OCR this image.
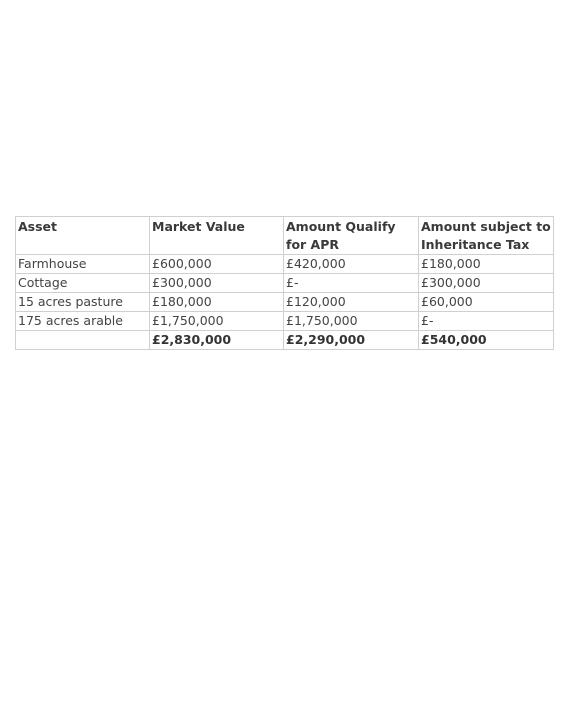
Asset	Market Value	Amount Qualify for APR	Amount subject to Inheritance Tax
Farmhouse	£600,000	£420,000	£180,000
Cottage	£300,000	£-	£300,000
15 acres pasture	£180,000	£120,000	£60,000
175 acres arable	£1,750,000	£1,750,000	£-
	£2,830,000	£2,290,000	£540,000
